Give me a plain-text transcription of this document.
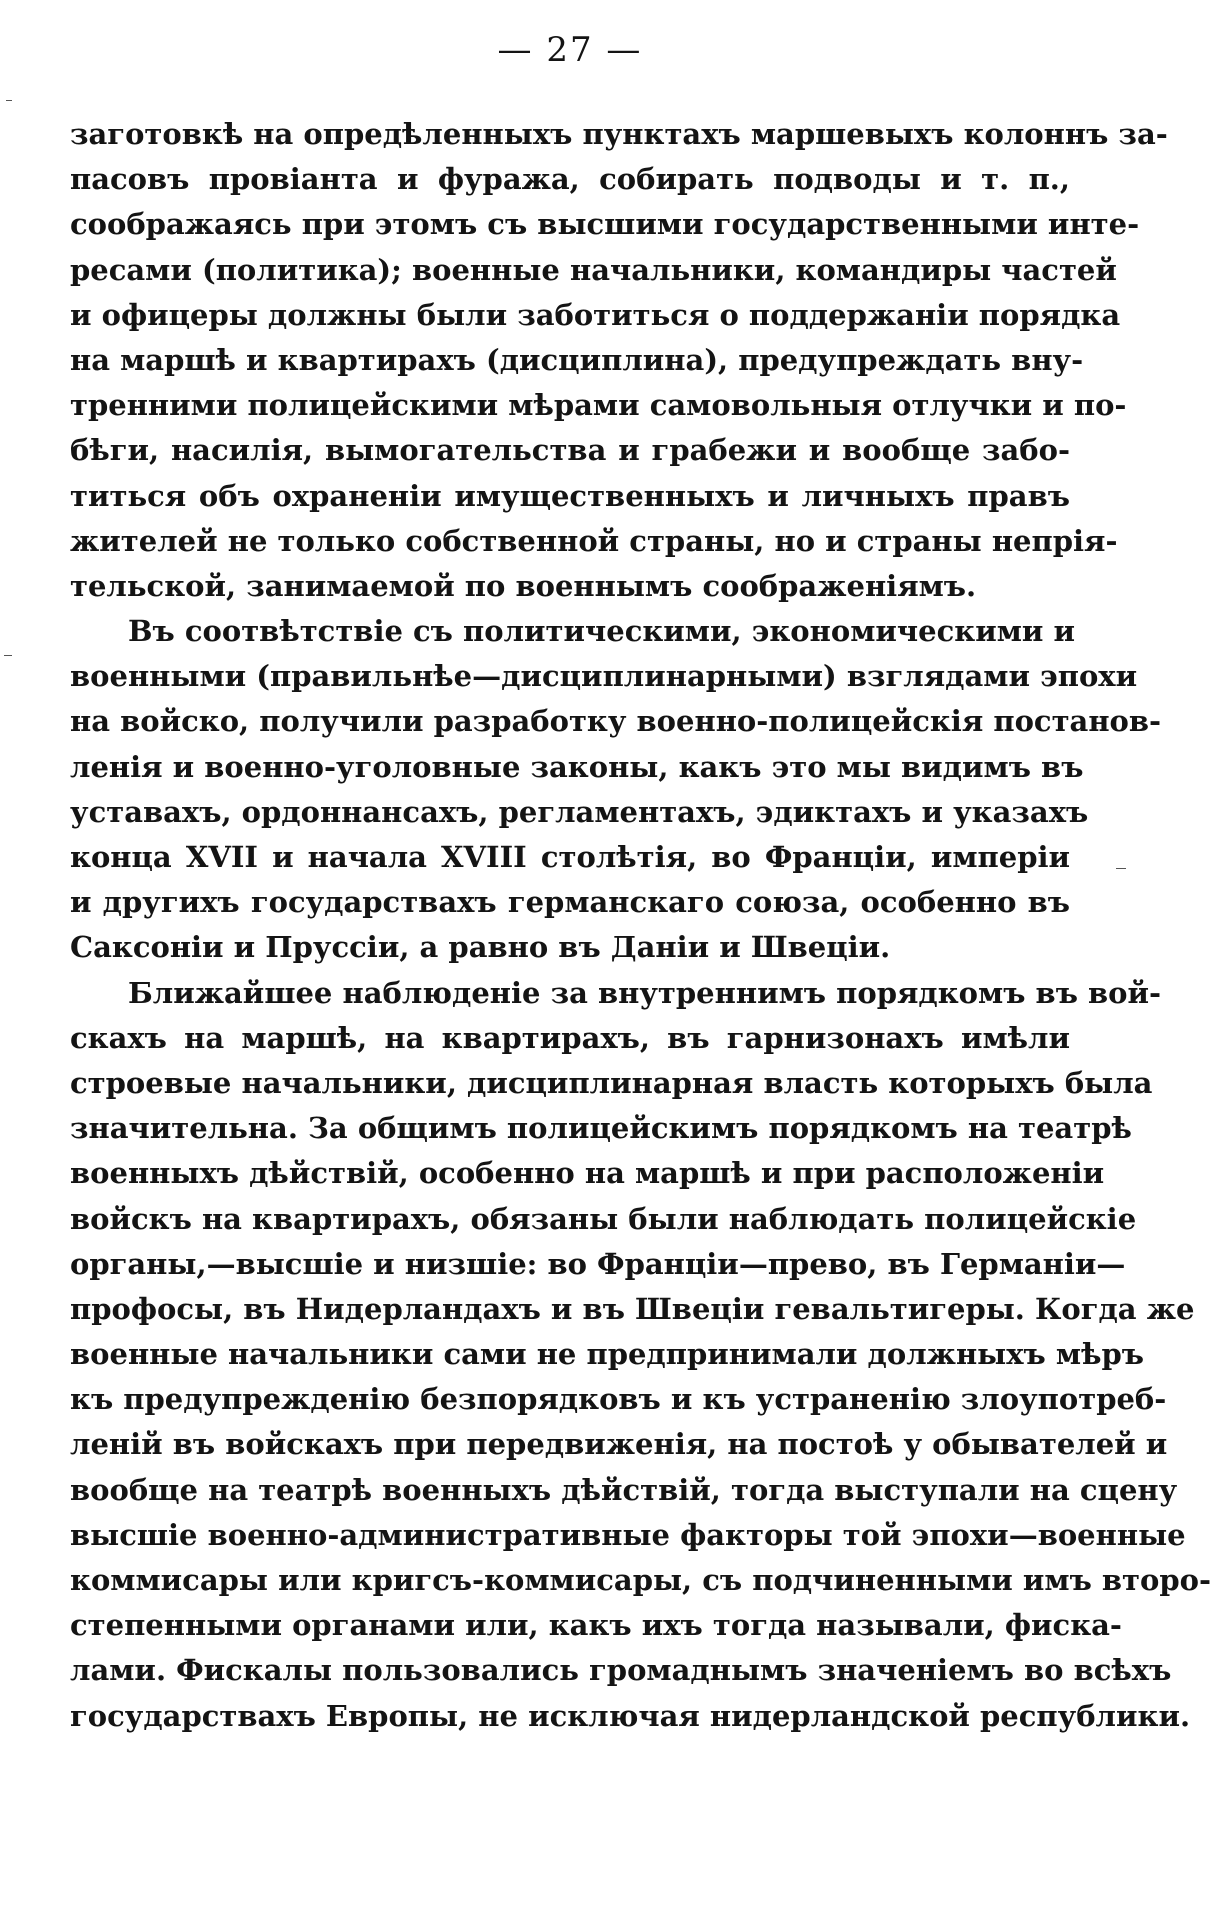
— 27 —
заготовкѣ на опредѣленныхъ пунктахъ маршевыхъ колоннъ за-
пасовъ провіанта и фуража, собирать подводы и т. п.,
соображаясь при этомъ съ высшими государственными инте-
ресами (политика); военные начальники, командиры частей
и офицеры должны были заботиться о поддержаніи порядка
на маршѣ и квартирахъ (дисциплина), предупреждать вну-
тренними полицейскими мѣрами самовольныя отлучки и по-
бѣги, насилія, вымогательства и грабежи и вообще забо-
титься объ охраненіи имущественныхъ и личныхъ правъ
жителей не только собственной страны, но и страны непрія-
тельской, занимаемой по военнымъ соображеніямъ.
Въ соотвѣтствіе съ политическими, экономическими и
военными (правильнѣе—дисциплинарными) взглядами эпохи
на войско, получили разработку военно-полицейскія постанов-
ленія и военно-уголовные законы, какъ это мы видимъ въ
уставахъ, ордоннансахъ, регламентахъ, эдиктахъ и указахъ
конца XVII и начала XVIII столѣтія, во Франціи, имперіи
и другихъ государствахъ германскаго союза, особенно въ
Саксоніи и Пруссіи, а равно въ Даніи и Швеціи.
Ближайшее наблюденіе за внутреннимъ порядкомъ въ вой-
скахъ на маршѣ, на квартирахъ, въ гарнизонахъ имѣли
строевые начальники, дисциплинарная власть которыхъ была
значительна. За общимъ полицейскимъ порядкомъ на театрѣ
военныхъ дѣйствій, особенно на маршѣ и при расположеніи
войскъ на квартирахъ, обязаны были наблюдать полицейскіе
органы,—высшіе и низшіе: во Франціи—прево, въ Германіи—
профосы, въ Нидерландахъ и въ Швеціи гевальтигеры. Когда же
военные начальники сами не предпринимали должныхъ мѣръ
къ предупрежденію безпорядковъ и къ устраненію злоупотреб-
леній въ войскахъ при передвиженія, на постоѣ у обывателей и
вообще на театрѣ военныхъ дѣйствій, тогда выступали на сцену
высшіе военно-административные факторы той эпохи—военные
коммисары или кригсъ-коммисары, съ подчиненными имъ второ-
степенными органами или, какъ ихъ тогда называли, фиска-
лами. Фискалы пользовались громаднымъ значеніемъ во всѣхъ
государствахъ Европы, не исключая нидерландской республики.
